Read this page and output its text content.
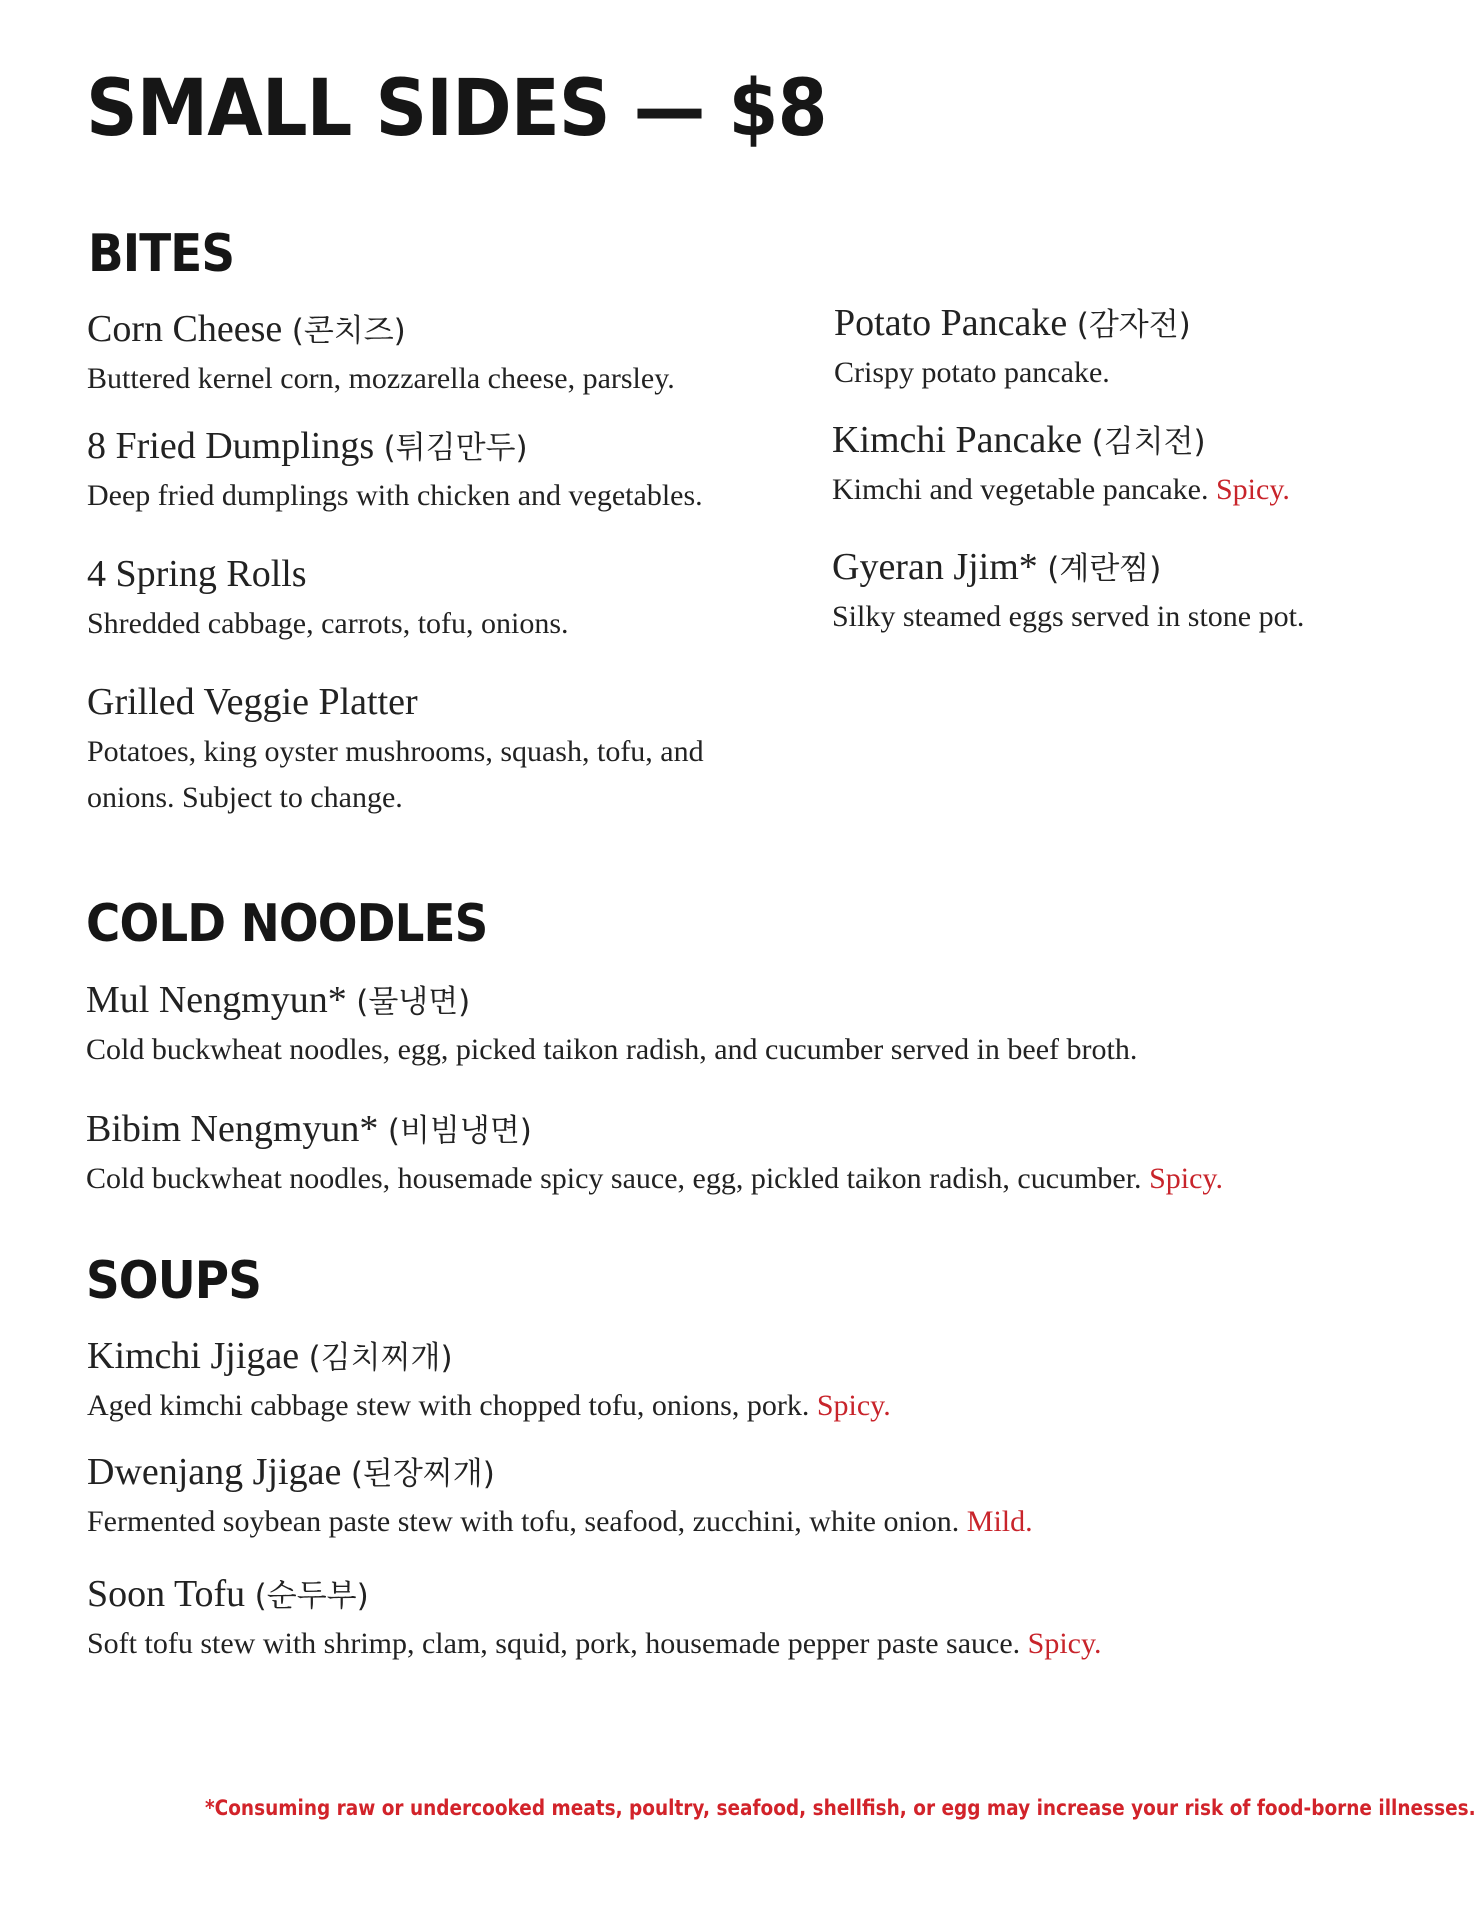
SMALL SIDES — $8
BITES
Corn Cheese (콘치즈)
Buttered kernel corn, mozzarella cheese, parsley.
8 Fried Dumplings (튀김만두)
Deep fried dumplings with chicken and vegetables.
4 Spring Rolls
Shredded cabbage, carrots, tofu, onions.
Grilled Veggie Platter
Potatoes, king oyster mushrooms, squash, tofu, and onions. Subject to change.
Potato Pancake (감자전)
Crispy potato pancake.
Kimchi Pancake (김치전)
Kimchi and vegetable pancake. Spicy.
Gyeran Jjim* (계란찜)
Silky steamed eggs served in stone pot.
COLD NOODLES
Mul Nengmyun* (물냉면)
Cold buckwheat noodles, egg, picked taikon radish, and cucumber served in beef broth.
Bibim Nengmyun* (비빔냉면)
Cold buckwheat noodles, housemade spicy sauce, egg, pickled taikon radish, cucumber. Spicy.
SOUPS
Kimchi Jjigae (김치찌개)
Aged kimchi cabbage stew with chopped tofu, onions, pork. Spicy.
Dwenjang Jjigae (된장찌개)
Fermented soybean paste stew with tofu, seafood, zucchini, white onion. Mild.
Soon Tofu (순두부)
Soft tofu stew with shrimp, clam, squid, pork, housemade pepper paste sauce. Spicy.
*Consuming raw or undercooked meats, poultry, seafood, shellfish, or egg may increase your risk of food-borne illnesses.
